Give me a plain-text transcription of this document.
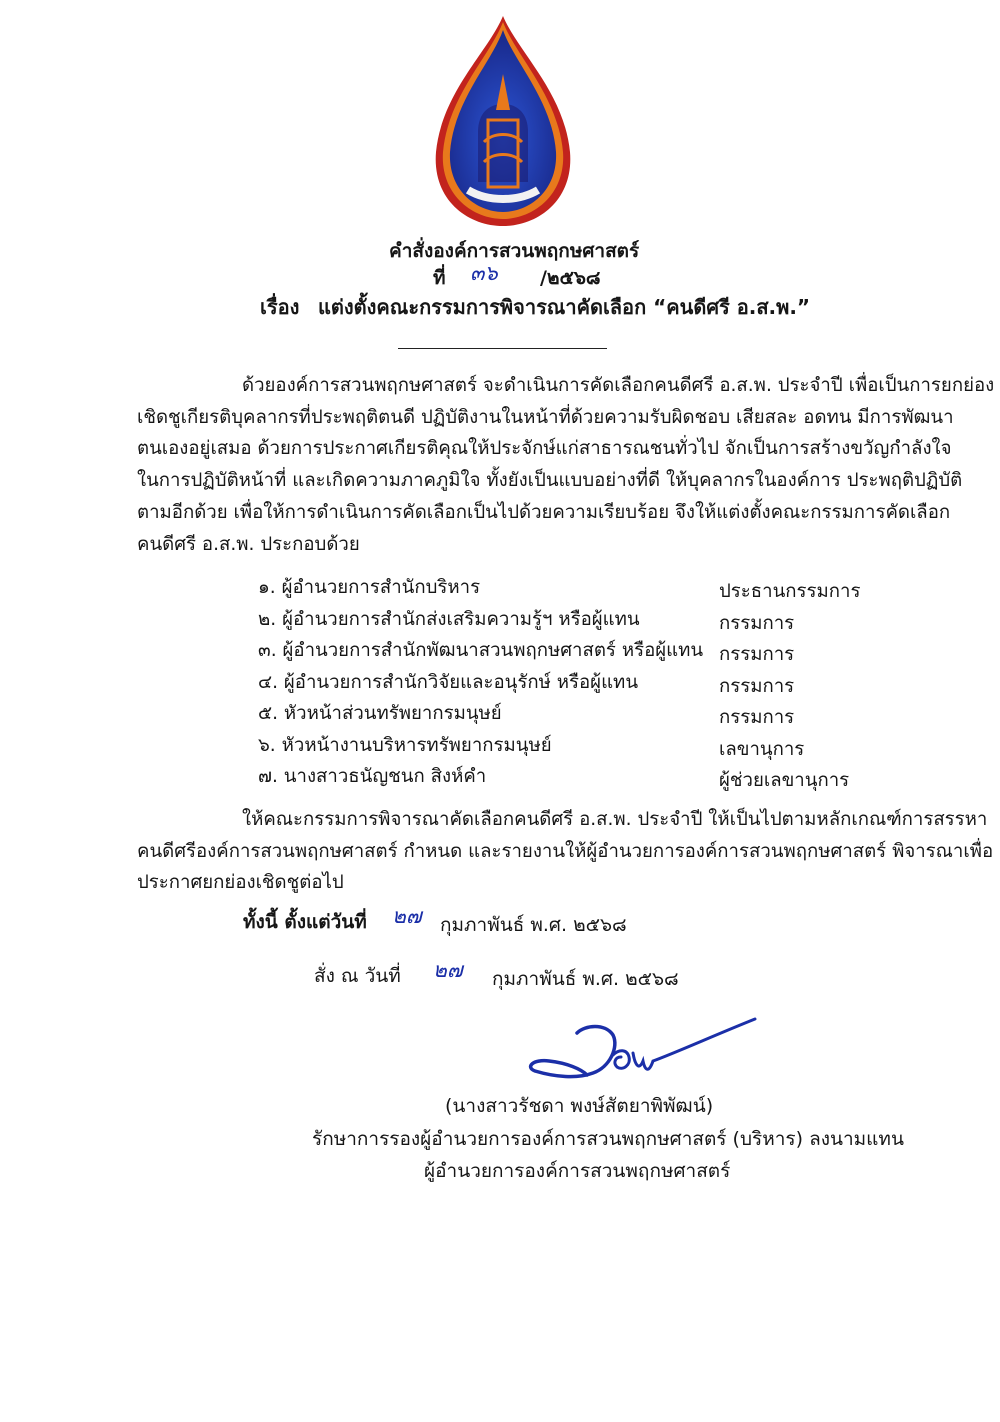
คำสั่งองค์การสวนพฤกษศาสตร์
ที่ ๓๖ /๒๕๖๘
เรื่อง แต่งตั้งคณะกรรมการพิจารณาคัดเลือก “คนดีศรี อ.ส.พ.”
ด้วยองค์การสวนพฤกษศาสตร์ จะดำเนินการคัดเลือกคนดีศรี อ.ส.พ. ประจำปี เพื่อเป็นการยกย่อง
เชิดชูเกียรติบุคลากรที่ประพฤติตนดี ปฏิบัติงานในหน้าที่ด้วยความรับผิดชอบ เสียสละ อดทน มีการพัฒนา
ตนเองอยู่เสมอ ด้วยการประกาศเกียรติคุณให้ประจักษ์แก่สาธารณชนทั่วไป จักเป็นการสร้างขวัญกำลังใจ
ในการปฏิบัติหน้าที่ และเกิดความภาคภูมิใจ ทั้งยังเป็นแบบอย่างที่ดี ให้บุคลากรในองค์การ ประพฤติปฏิบัติ
ตามอีกด้วย เพื่อให้การดำเนินการคัดเลือกเป็นไปด้วยความเรียบร้อย จึงให้แต่งตั้งคณะกรรมการคัดเลือก
คนดีศรี อ.ส.พ. ประกอบด้วย
๑. ผู้อำนวยการสำนักบริหาร	ประธานกรรมการ
๒. ผู้อำนวยการสำนักส่งเสริมความรู้ฯ หรือผู้แทน	กรรมการ
๓. ผู้อำนวยการสำนักพัฒนาสวนพฤกษศาสตร์ หรือผู้แทน กรรมการ
๔. ผู้อำนวยการสำนักวิจัยและอนุรักษ์ หรือผู้แทน	กรรมการ
๕. หัวหน้าส่วนทรัพยากรมนุษย์	กรรมการ
๖. หัวหน้างานบริหารทรัพยากรมนุษย์	เลขานุการ
๗. นางสาวธนัญชนก สิงห์คำ	ผู้ช่วยเลขานุการ
ให้คณะกรรมการพิจารณาคัดเลือกคนดีศรี อ.ส.พ. ประจำปี ให้เป็นไปตามหลักเกณฑ์การสรรหา
คนดีศรีองค์การสวนพฤกษศาสตร์ กำหนด และรายงานให้ผู้อำนวยการองค์การสวนพฤกษศาสตร์ พิจารณาเพื่อ
ประกาศยกย่องเชิดชูต่อไป
ทั้งนี้ ตั้งแต่วันที่ ๒๗ กุมภาพันธ์ พ.ศ. ๒๕๖๘
สั่ง ณ วันที่ ๒๗ กุมภาพันธ์ พ.ศ. ๒๕๖๘
(นางสาวรัชดา พงษ์สัตยาพิพัฒน์)
รักษาการรองผู้อำนวยการองค์การสวนพฤกษศาสตร์ (บริหาร) ลงนามแทน
ผู้อำนวยการองค์การสวนพฤกษศาสตร์
